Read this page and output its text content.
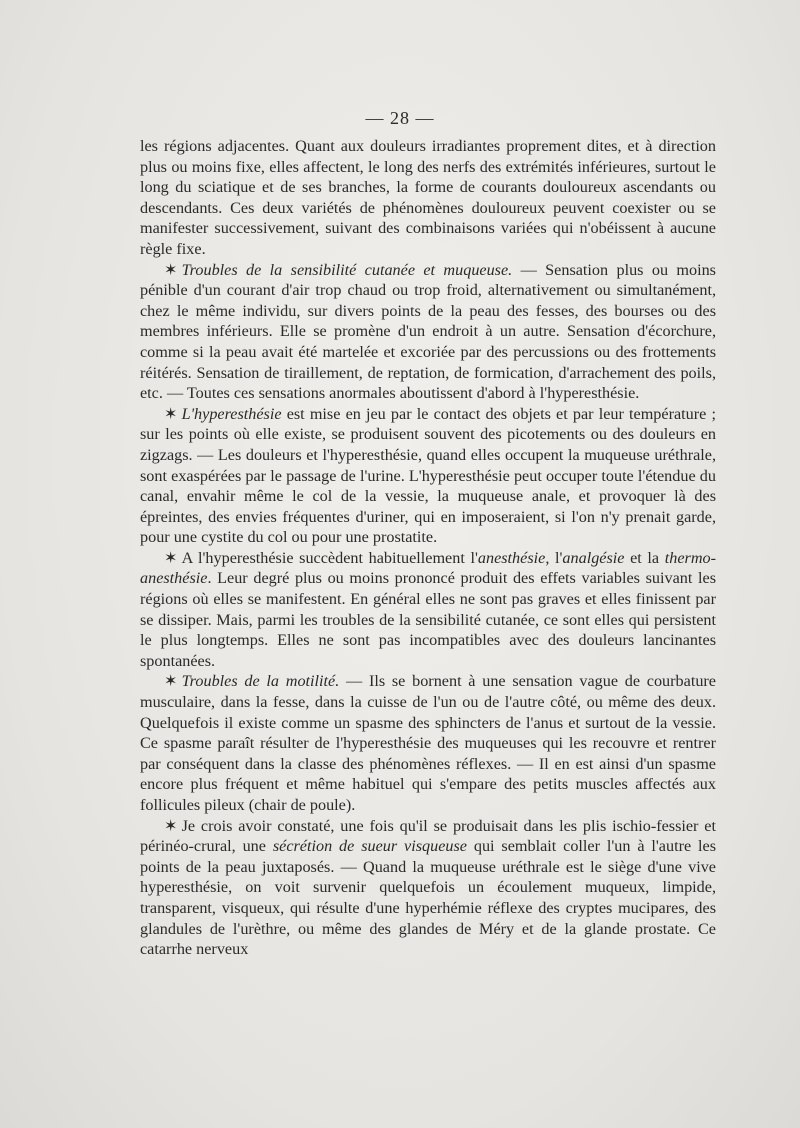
— 28 —

les régions adjacentes. Quant aux douleurs irradiantes proprement dites, et à direction plus ou moins fixe, elles affectent, le long des nerfs des extrémités inférieures, surtout le long du sciatique et de ses branches, la forme de courants douloureux ascendants ou descendants. Ces deux variétés de phénomènes douloureux peuvent coexister ou se manifester successivement, suivant des combinaisons variées qui n'obéissent à aucune règle fixe.

✶ Troubles de la sensibilité cutanée et muqueuse. — Sensation plus ou moins pénible d'un courant d'air trop chaud ou trop froid, alternativement ou simultanément, chez le même individu, sur divers points de la peau des fesses, des bourses ou des membres inférieurs. Elle se promène d'un endroit à un autre. Sensation d'écorchure, comme si la peau avait été martelée et excoriée par des percussions ou des frottements réitérés. Sensation de tiraillement, de reptation, de formication, d'arrachement des poils, etc. — Toutes ces sensations anormales aboutissent d'abord à l'hyperesthésie.

✶ L'hyperesthésie est mise en jeu par le contact des objets et par leur température ; sur les points où elle existe, se produisent souvent des picotements ou des douleurs en zigzags. — Les douleurs et l'hyperesthésie, quand elles occupent la muqueuse uréthrale, sont exaspérées par le passage de l'urine. L'hyperesthésie peut occuper toute l'étendue du canal, envahir même le col de la vessie, la muqueuse anale, et provoquer là des épreintes, des envies fréquentes d'uriner, qui en imposeraient, si l'on n'y prenait garde, pour une cystite du col ou pour une prostatite.

✶ A l'hyperesthésie succèdent habituellement l'anesthésie, l'analgésie et la thermo-anesthésie. Leur degré plus ou moins prononcé produit des effets variables suivant les régions où elles se manifestent. En général elles ne sont pas graves et elles finissent par se dissiper. Mais, parmi les troubles de la sensibilité cutanée, ce sont elles qui persistent le plus longtemps. Elles ne sont pas incompatibles avec des douleurs lancinantes spontanées.

✶ Troubles de la motilité. — Ils se bornent à une sensation vague de courbature musculaire, dans la fesse, dans la cuisse de l'un ou de l'autre côté, ou même des deux. Quelquefois il existe comme un spasme des sphincters de l'anus et surtout de la vessie. Ce spasme paraît résulter de l'hyperesthésie des muqueuses qui les recouvre et rentrer par conséquent dans la classe des phénomènes réflexes. — Il en est ainsi d'un spasme encore plus fréquent et même habituel qui s'empare des petits muscles affectés aux follicules pileux (chair de poule).

✶ Je crois avoir constaté, une fois qu'il se produisait dans les plis ischio-fessier et périnéo-crural, une sécrétion de sueur visqueuse qui semblait coller l'un à l'autre les points de la peau juxtaposés. — Quand la muqueuse uréthrale est le siège d'une vive hyperesthésie, on voit survenir quelquefois un écoulement muqueux, limpide, transparent, visqueux, qui résulte d'une hyperhémie réflexe des cryptes mucipares, des glandules de l'urèthre, ou même des glandes de Méry et de la glande prostate. Ce catarrhe nerveux
